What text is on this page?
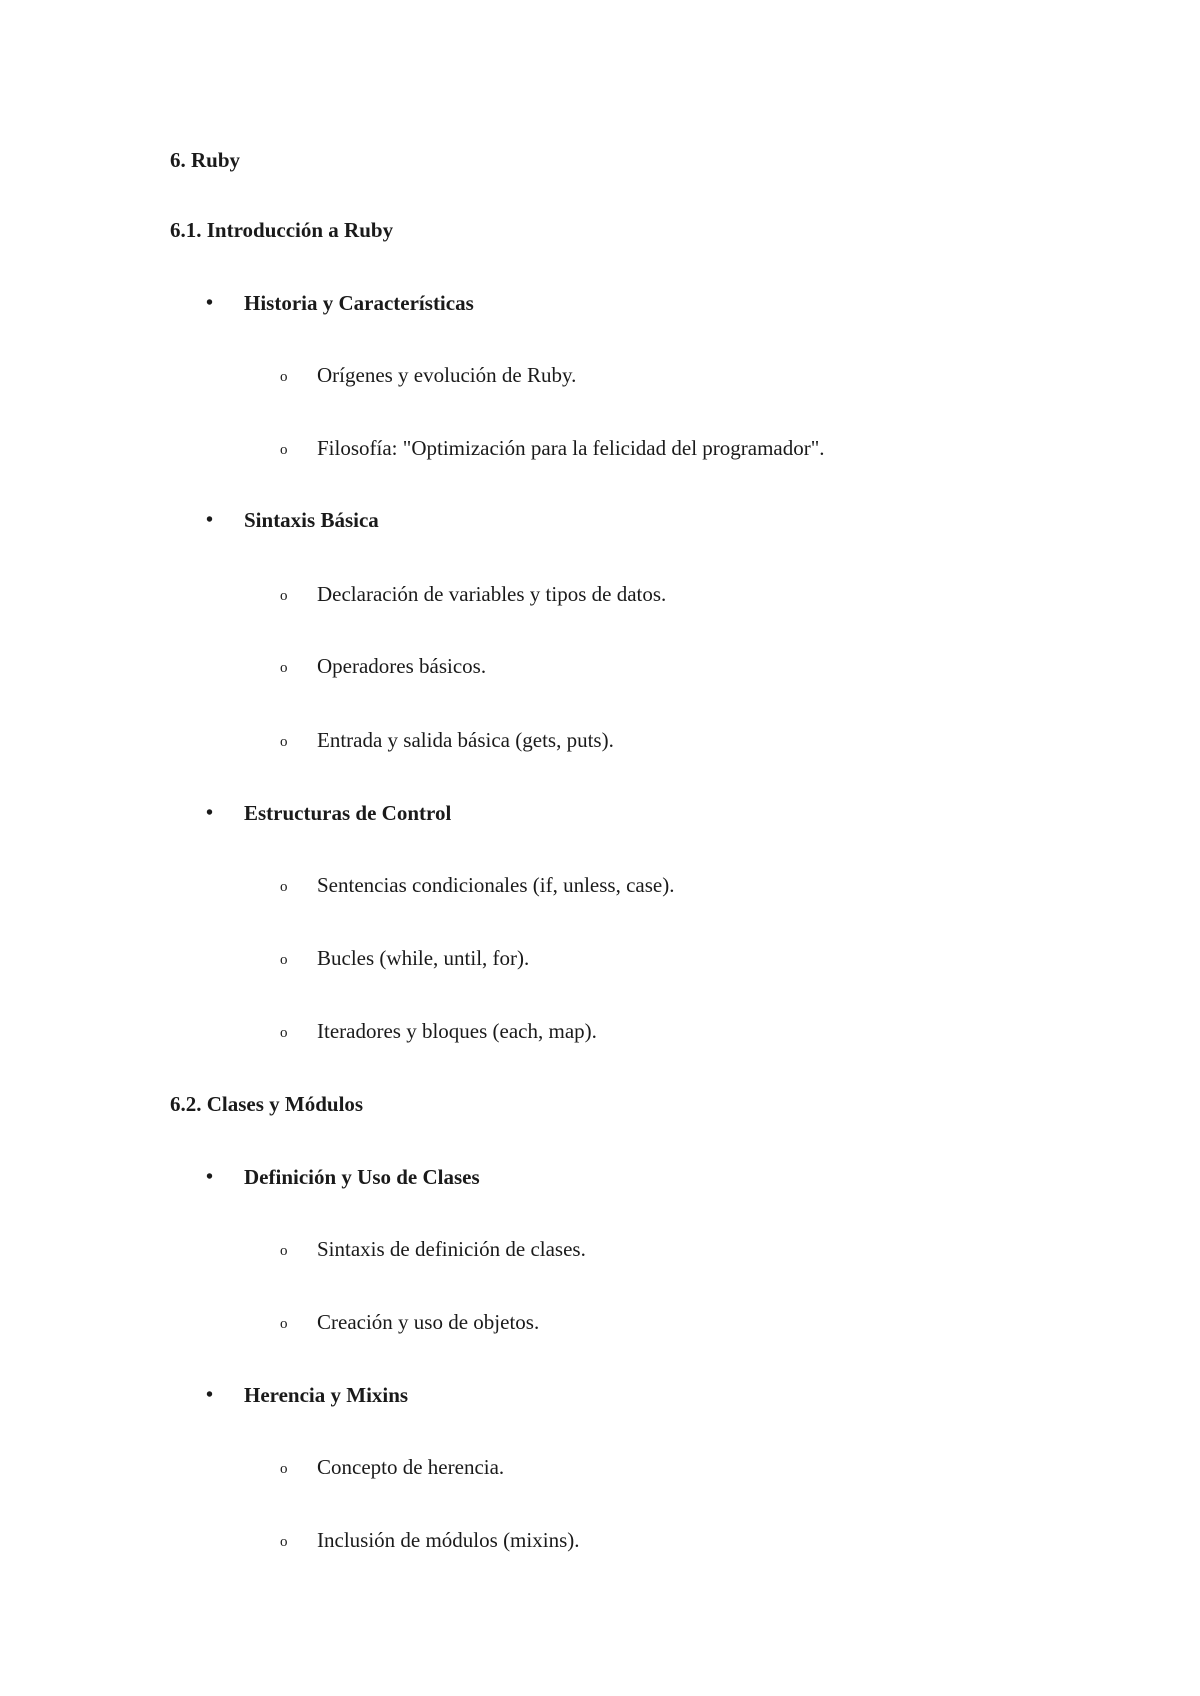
6. Ruby
6.1. Introducción a Ruby
•	Historia y Características
o Orígenes y evolución de Ruby.
o Filosofía: "Optimización para la felicidad del programador".
•	Sintaxis Básica
o Declaración de variables y tipos de datos.
o Operadores básicos.
o Entrada y salida básica (gets, puts).
•	Estructuras de Control
o Sentencias condicionales (if, unless, case).
o Bucles (while, until, for).
o Iteradores y bloques (each, map).
6.2. Clases y Módulos
•	Definición y Uso de Clases
o Sintaxis de definición de clases.
o Creación y uso de objetos.
•	Herencia y Mixins
o Concepto de herencia.
o Inclusión de módulos (mixins).
